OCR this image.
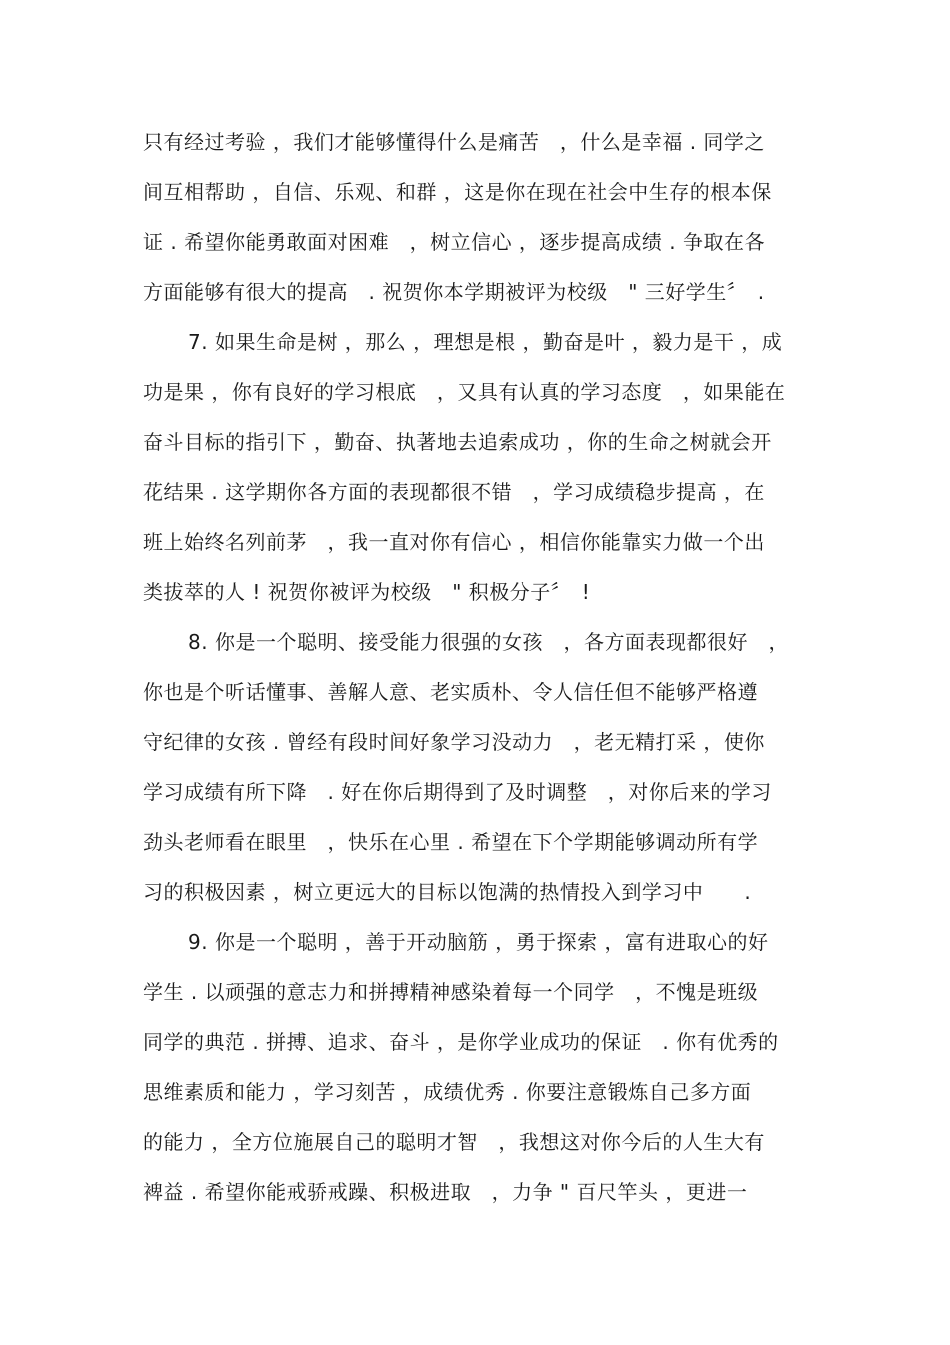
只有经过考验 ，我们才能够懂得什么是痛苦　，什么是幸福 . 同学之
间互相帮助 ，自信、乐观、和群 ，这是你在现在社会中生存的根本保
证 . 希望你能勇敢面对困难　，树立信心 ，逐步提高成绩 . 争取在各
方面能够有很大的提高　. 祝贺你本学期被评为校级　" 三好学生〞　.
7. 如果生命是树 ，那么 ，理想是根 ，勤奋是叶 ，毅力是干 ，成
功是果 ，你有良好的学习根底　，又具有认真的学习态度　，如果能在
奋斗目标的指引下 ，勤奋、执著地去追索成功 ，你的生命之树就会开
花结果 . 这学期你各方面的表现都很不错　，学习成绩稳步提高 ，在
班上始终名列前茅　，我一直对你有信心 ，相信你能靠实力做一个出
类拔萃的人 ! 祝贺你被评为校级　" 积极分子〞　!
8. 你是一个聪明、接受能力很强的女孩　，各方面表现都很好　，
你也是个听话懂事、善解人意、老实质朴、令人信任但不能够严格遵
守纪律的女孩 . 曾经有段时间好象学习没动力　，老无精打采 ，使你
学习成绩有所下降　. 好在你后期得到了及时调整　，对你后来的学习
劲头老师看在眼里　，快乐在心里 . 希望在下个学期能够调动所有学
习的积极因素 ，树立更远大的目标以饱满的热情投入到学习中　　.
9. 你是一个聪明 ，善于开动脑筋 ，勇于探索 ，富有进取心的好
学生 . 以顽强的意志力和拼搏精神感染着每一个同学　，不愧是班级
同学的典范 . 拼搏、追求、奋斗 ，是你学业成功的保证　. 你有优秀的
思维素质和能力 ，学习刻苦 ，成绩优秀 . 你要注意锻炼自己多方面
的能力 ，全方位施展自己的聪明才智　，我想这对你今后的人生大有
裨益 . 希望你能戒骄戒躁、积极进取　，力争 " 百尺竿头 ，更进一
